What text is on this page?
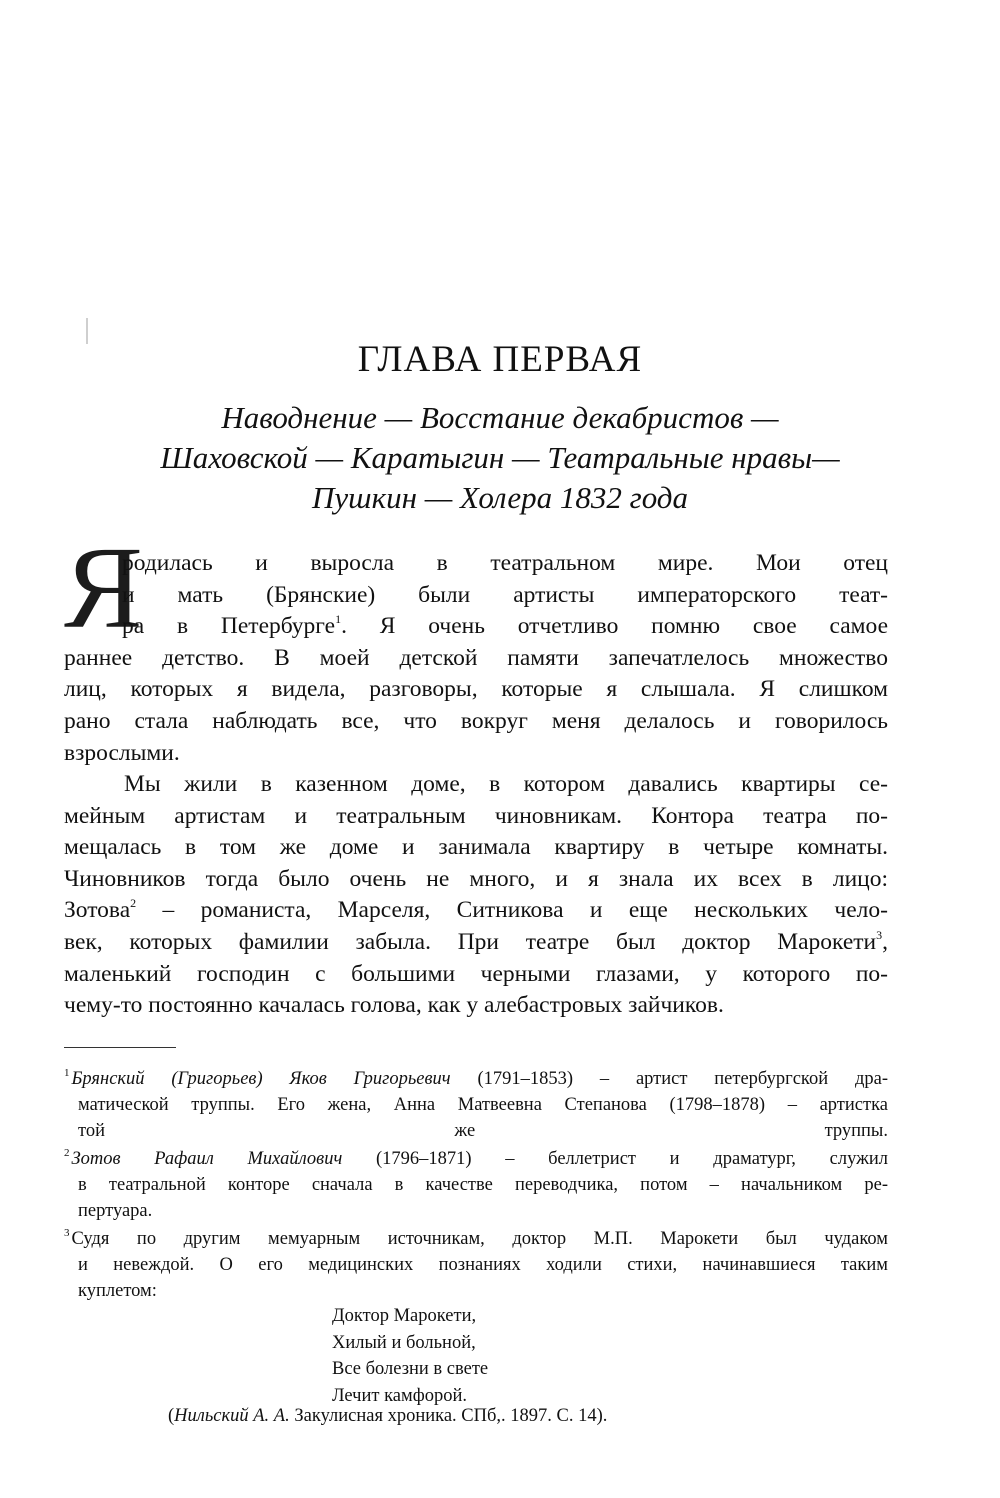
ГЛАВА ПЕРВАЯ
Наводнение — Восстание декабристов —
Шаховской — Каратыгин — Театральные нравы—
Пушкин — Холера 1832 года
Я
родилась и выросла в театральном мире. Мои отец
и мать (Брянские) были артисты императорского теат-
ра в Петербурге$^1$. Я очень отчетливо помню свое самое
раннее детство. В моей детской памяти запечатлелось множество
лиц, которых я видела, разговоры, которые я слышала. Я слишком
рано стала наблюдать все, что вокруг меня делалось и говорилось
взрослыми.
Мы жили в казенном доме, в котором давались квартиры се-
мейным артистам и театральным чиновникам. Контора театра по-
мещалась в том же доме и занимала квартиру в четыре комнаты.
Чиновников тогда было очень не много, и я знала их всех в лицо:
Зотова$^2$ – романиста, Марселя, Ситникова и еще нескольких чело-
век, которых фамилии забыла. При театре был доктор Марокети$^3$,
маленький господин с большими черными глазами, у которого по-
чему-то постоянно качалась голова, как у алебастровых зайчиков.
$^1$ Брянский (Григорьев) Яков Григорьевич (1791–1853) – артист петербургской дра-
матической труппы. Его жена, Анна Матвеевна Степанова (1798–1878) – артистка
той же труппы.
$^2$ Зотов Рафаил Михайлович (1796–1871) – беллетрист и драматург, служил
в театральной конторе сначала в качестве переводчика, потом – начальником ре-
пертуара.
$^3$ Судя по другим мемуарным источникам, доктор М.П. Марокети был чудаком
и невеждой. О его медицинских познаниях ходили стихи, начинавшиеся таким
куплетом:
Доктор Марокети,
Хилый и больной,
Все болезни в свете
Лечит камфорой.
(Нильский А. А. Закулисная хроника. СПб,. 1897. С. 14).
